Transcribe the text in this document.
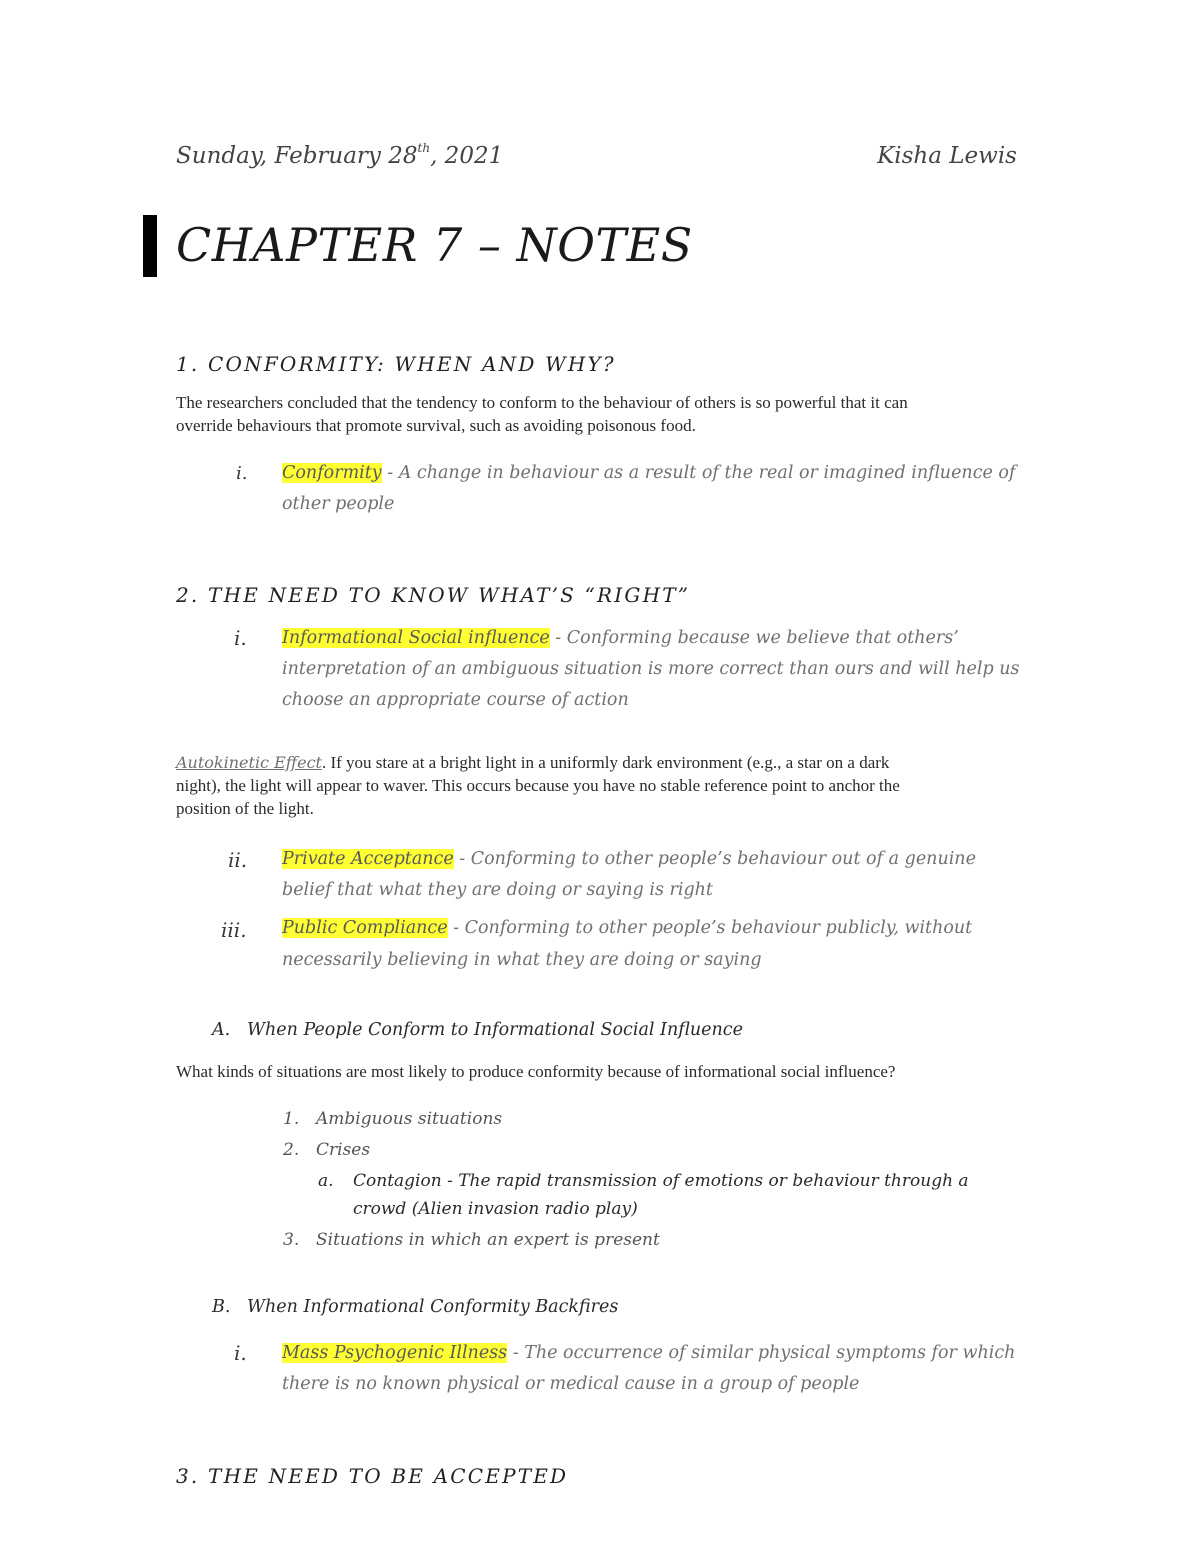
Sunday, February 28th, 2021	Kisha Lewis
CHAPTER 7 – NOTES
1. CONFORMITY: WHEN AND WHY?
The researchers concluded that the tendency to conform to the behaviour of others is so powerful that it can
override behaviours that promote survival, such as avoiding poisonous food.
i. Conformity - A change in behaviour as a result of the real or imagined influence of
other people
2. THE NEED TO KNOW WHAT’S “RIGHT”
i. Informational Social influence - Conforming because we believe that others’
interpretation of an ambiguous situation is more correct than ours and will help us
choose an appropriate course of action
Autokinetic Effect. If you stare at a bright light in a uniformly dark environment (e.g., a star on a dark
night), the light will appear to waver. This occurs because you have no stable reference point to anchor the
position of the light.
ii. Private Acceptance - Conforming to other people’s behaviour out of a genuine
belief that what they are doing or saying is right
iii. Public Compliance - Conforming to other people’s behaviour publicly, without
necessarily believing in what they are doing or saying
A. When People Conform to Informational Social Influence
What kinds of situations are most likely to produce conformity because of informational social influence?
1. Ambiguous situations
2. Crises
a. Contagion - The rapid transmission of emotions or behaviour through a
crowd (Alien invasion radio play)
3. Situations in which an expert is present
B. When Informational Conformity Backfires
i. Mass Psychogenic Illness - The occurrence of similar physical symptoms for which
there is no known physical or medical cause in a group of people
3. THE NEED TO BE ACCEPTED
